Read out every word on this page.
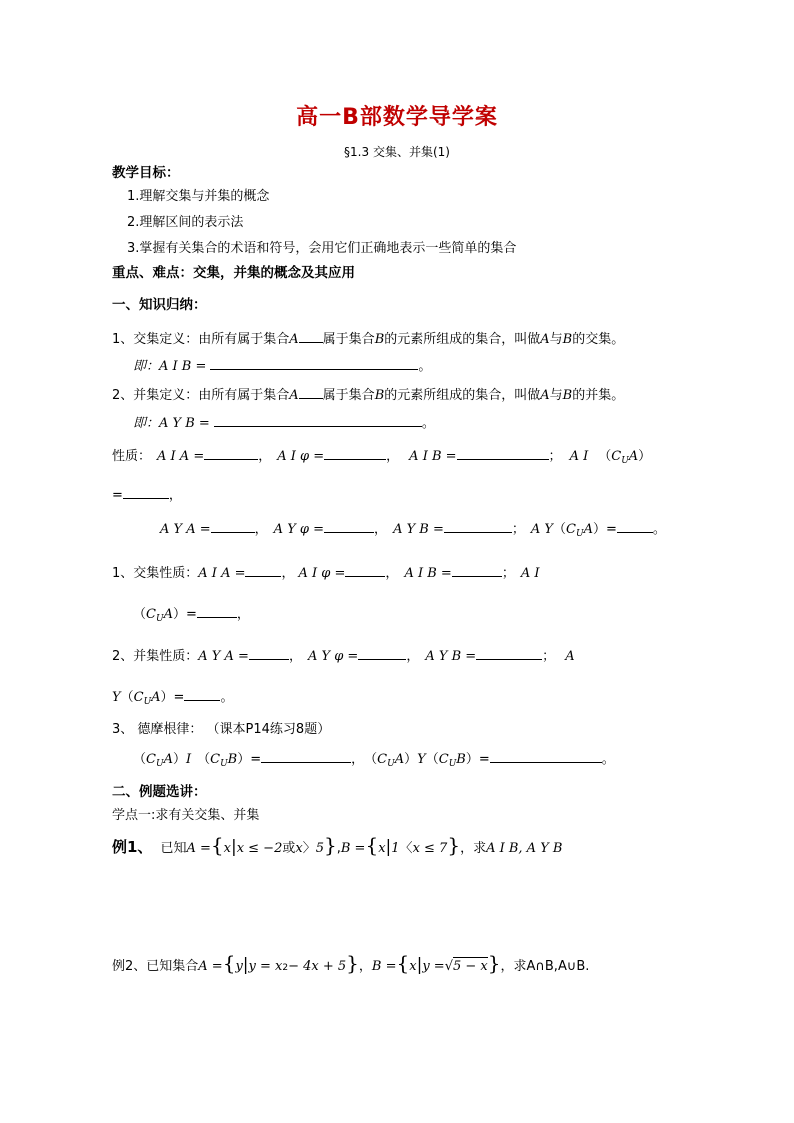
高一B部数学导学案
§1.3 交集、并集(1)
教学目标：
1.理解交集与并集的概念
2.理解区间的表示法
3.掌握有关集合的术语和符号，会用它们正确地表示一些简单的集合
重点、难点：交集，并集的概念及其应用
一、知识归纳：
1、交集定义：由所有属于集合 A 属于集合 B 的元素所组成的集合，叫做 A 与 B 的交集。
即：A I B =	。
2、并集定义：由所有属于集合 A 属于集合 B 的元素所组成的集合，叫做 A 与 B 的并集。
即：A Y B =	。
性质： A I A =	， A I φ =	， A I B =	； A I （ $C_UA$ ）
=	，
A Y A =	， A Y φ =	， A Y B =	； A Y （ $C_UA$ ）=	。
1、交集性质： A I A =	， A I φ =	， A I B =	； A I
（ $C_UA$ ）=	，
2、并集性质： A Y A =	， A Y φ =	， A Y B =	； A
Y （ $C_UA$ ）=	。
3、 德摩根律： （课本P14练习8题）
（ $C_UA$ ） I （ $C_UB$ ）=	， （ $C_UA$ ） Y （ $C_UB$ ）=	。
二、例题选讲：
学点一:求有关交集、并集
例1、 已知 A = { x | x ≤ −2 或 x 〉 5 } , B = { x | 1 〈 x ≤ 7 } ，求 A I B, A Y B
例2、已知集合 A = { y | y = x 2 − 4x + 5 } ， B = { x | y = √ 5 − x } ，求A∩B,A∪B.
